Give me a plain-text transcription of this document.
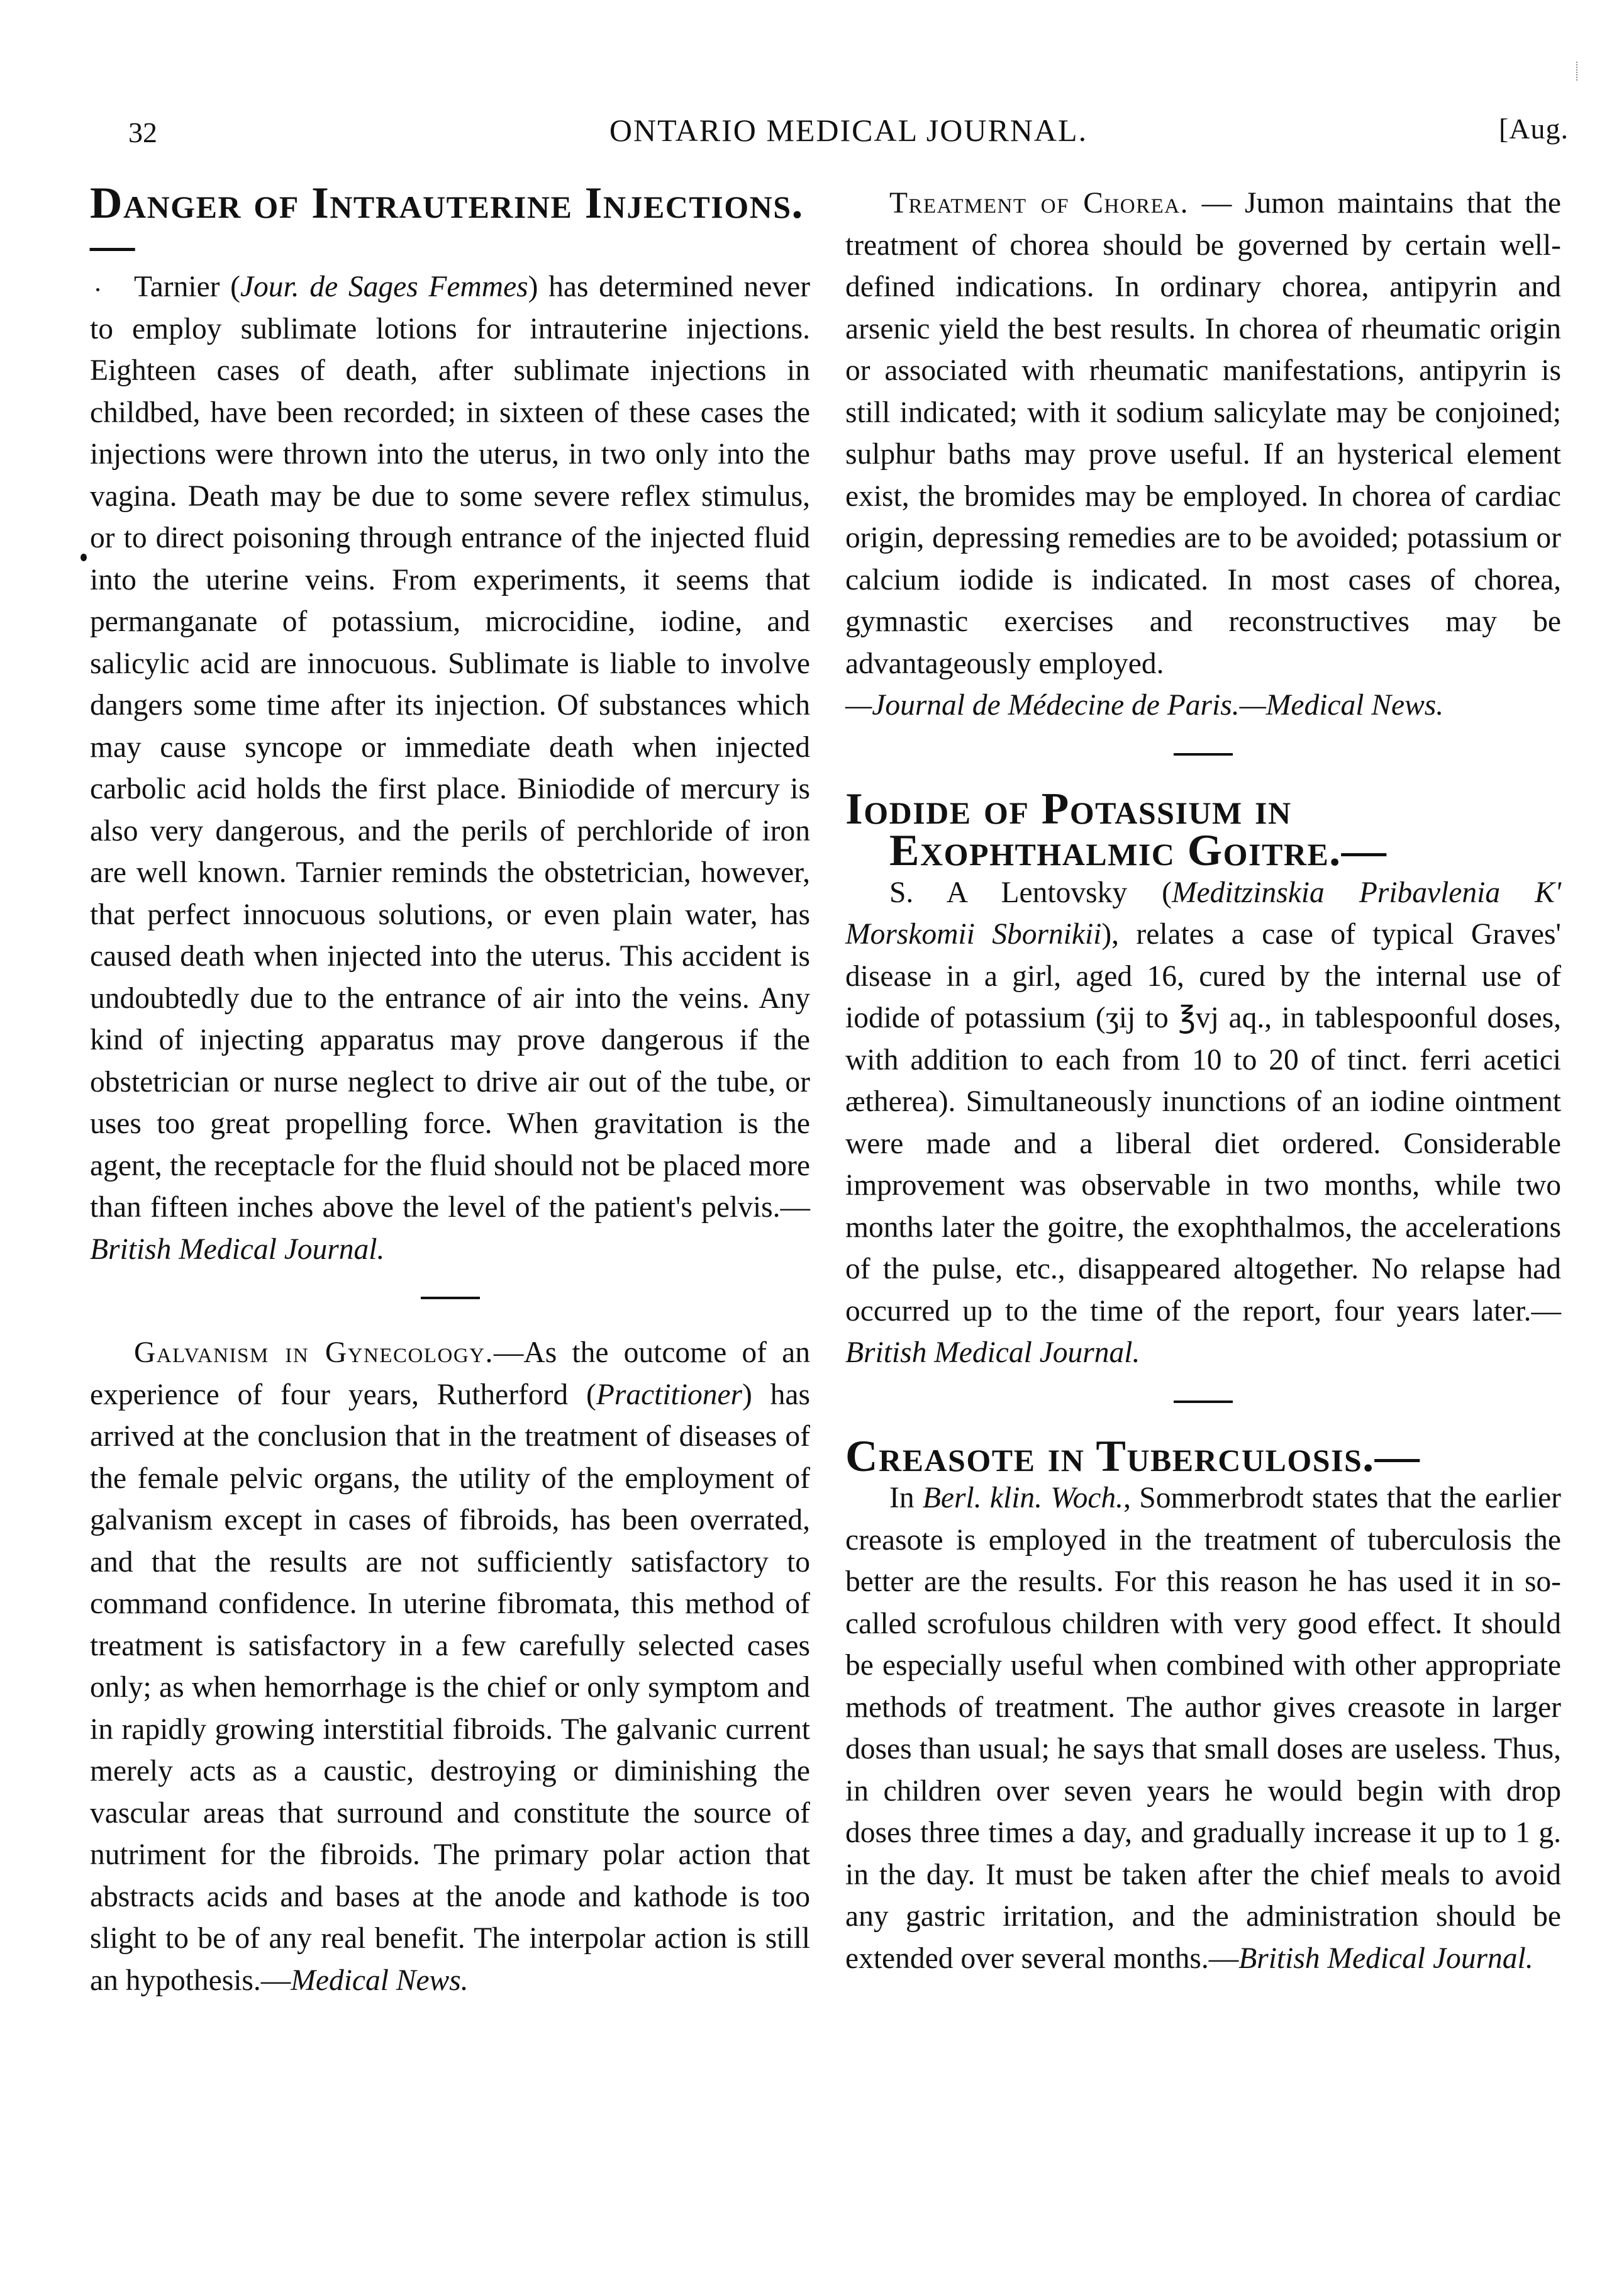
32	ONTARIO MEDICAL JOURNAL.	[Aug.
Danger of Intrauterine Injections.—

Tarnier (Jour. de Sages Femmes) has determined never to employ sublimate lotions for intrauterine injections. Eighteen cases of death, after sublimate injections in childbed, have been recorded; in sixteen of these cases the injections were thrown into the uterus, in two only into the vagina. Death may be due to some severe reflex stimulus, or to direct poisoning through entrance of the injected fluid into the uterine veins. From experiments, it seems that permanganate of potassium, microcidine, iodine, and salicylic acid are innocuous. Sublimate is liable to involve dangers some time after its injection. Of substances which may cause syncope or immediate death when injected carbolic acid holds the first place. Biniodide of mercury is also very dangerous, and the perils of perchloride of iron are well known. Tarnier reminds the obstetrician, however, that perfect innocuous solutions, or even plain water, has caused death when injected into the uterus. This accident is undoubtedly due to the entrance of air into the veins. Any kind of injecting apparatus may prove dangerous if the obstetrician or nurse neglect to drive air out of the tube, or uses too great propelling force. When gravitation is the agent, the receptacle for the fluid should not be placed more than fifteen inches above the level of the patient's pelvis.—British Medical Journal.

Galvanism in Gynecology.—As the outcome of an experience of four years, Rutherford (Practitioner) has arrived at the conclusion that in the treatment of diseases of the female pelvic organs, the utility of the employment of galvanism except in cases of fibroids, has been overrated, and that the results are not sufficiently satisfactory to command confidence. In uterine fibromata, this method of treatment is satisfactory in a few carefully selected cases only; as when hemorrhage is the chief or only symptom and in rapidly growing interstitial fibroids. The galvanic current merely acts as a caustic, destroying or diminishing the vascular areas that surround and constitute the source of nutriment for the fibroids. The primary polar action that abstracts acids and bases at the anode and kathode is too slight to be of any real benefit. The interpolar action is still an hypothesis.—Medical News.

Treatment of Chorea. — Jumon maintains that the treatment of chorea should be governed by certain well-defined indications. In ordinary chorea, antipyrin and arsenic yield the best results. In chorea of rheumatic origin or associated with rheumatic manifestations, antipyrin is still indicated; with it sodium salicylate may be conjoined; sulphur baths may prove useful. If an hysterical element exist, the bromides may be employed. In chorea of cardiac origin, depressing remedies are to be avoided; potassium or calcium iodide is indicated. In most cases of chorea, gymnastic exercises and reconstructives may be advantageously employed.

—Journal de Médecine de Paris.—Medical News.

Iodide of Potassium in Exophthalmic Goitre.—

S. A Lentovsky (Meditzinskia Pribavlenia K' Morskomii Sbornikii), relates a case of typical Graves' disease in a girl, aged 16, cured by the internal use of iodide of potassium (ʒij to ℥vj aq., in tablespoonful doses, with addition to each from 10 to 20 of tinct. ferri acetici ætherea). Simultaneously inunctions of an iodine ointment were made and a liberal diet ordered. Considerable improvement was observable in two months, while two months later the goitre, the exophthalmos, the accelerations of the pulse, etc., disappeared altogether. No relapse had occurred up to the time of the report, four years later.—British Medical Journal.

Creasote in Tuberculosis.—

In Berl. klin. Woch., Sommerbrodt states that the earlier creasote is employed in the treatment of tuberculosis the better are the results. For this reason he has used it in so-called scrofulous children with very good effect. It should be especially useful when combined with other appropriate methods of treatment. The author gives creasote in larger doses than usual; he says that small doses are useless. Thus, in children over seven years he would begin with drop doses three times a day, and gradually increase it up to 1 g. in the day. It must be taken after the chief meals to avoid any gastric irritation, and the administration should be extended over several months.—British Medical Journal.
